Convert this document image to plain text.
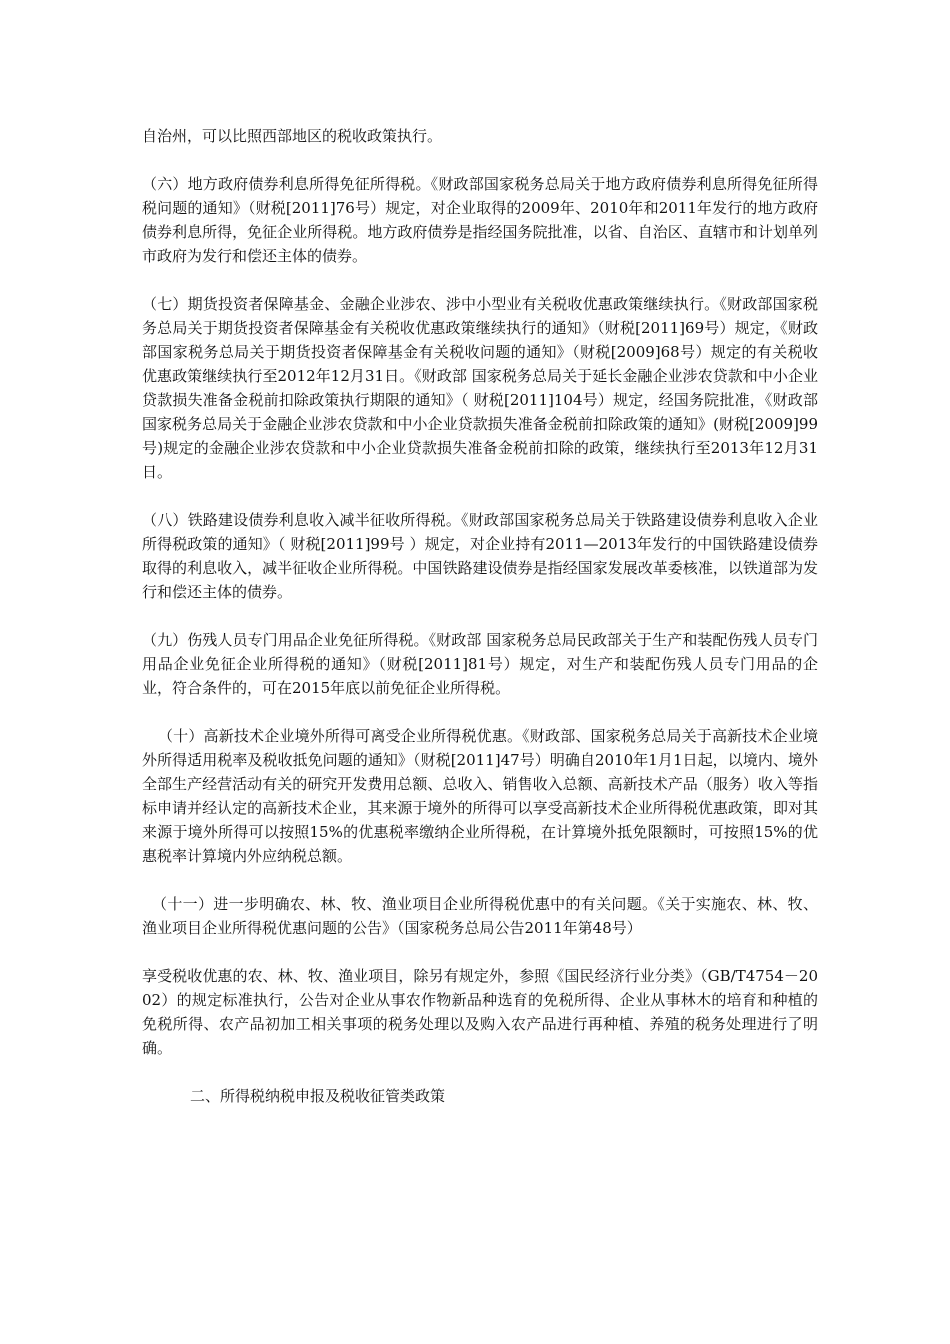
自治州，可以比照西部地区的税收政策执行。

（六）地方政府债券利息所得免征所得税。《财政部国家税务总局关于地方政府债券利息所得免征所得税问题的通知》（财税[2011]76号）规定，对企业取得的2009年、2010年和2011年发行的地方政府债券利息所得，免征企业所得税。地方政府债券是指经国务院批准，以省、自治区、直辖市和计划单列市政府为发行和偿还主体的债券。

（七）期货投资者保障基金、金融企业涉农、涉中小型业有关税收优惠政策继续执行。《财政部国家税务总局关于期货投资者保障基金有关税收优惠政策继续执行的通知》（财税[2011]69号）规定，《财政部国家税务总局关于期货投资者保障基金有关税收问题的通知》（财税[2009]68号）规定的有关税收优惠政策继续执行至2012年12月31日。《财政部 国家税务总局关于延长金融企业涉农贷款和中小企业贷款损失准备金税前扣除政策执行期限的通知》（ 财税[2011]104号）规定，经国务院批准，《财政部国家税务总局关于金融企业涉农贷款和中小企业贷款损失准备金税前扣除政策的通知》(财税[2009]99号)规定的金融企业涉农贷款和中小企业贷款损失准备金税前扣除的政策，继续执行至2013年12月31日。

（八）铁路建设债券利息收入减半征收所得税。《财政部国家税务总局关于铁路建设债券利息收入企业所得税政策的通知》（ 财税[2011]99号 ）规定，对企业持有2011—2013年发行的中国铁路建设债券取得的利息收入，减半征收企业所得税。中国铁路建设债券是指经国家发展改革委核准，以铁道部为发行和偿还主体的债券。

（九）伤残人员专门用品企业免征所得税。《财政部 国家税务总局民政部关于生产和装配伤残人员专门用品企业免征企业所得税的通知》（财税[2011]81号）规定，对生产和装配伤残人员专门用品的企业，符合条件的，可在2015年底以前免征企业所得税。

（十）高新技术企业境外所得可离受企业所得税优惠。《财政部、国家税务总局关于高新技术企业境外所得适用税率及税收抵免问题的通知》（财税[2011]47号）明确自2010年1月1日起，以境内、境外全部生产经营活动有关的研究开发费用总额、总收入、销售收入总额、高新技术产品（服务）收入等指标申请并经认定的高新技术企业，其来源于境外的所得可以享受高新技术企业所得税优惠政策，即对其来源于境外所得可以按照15%的优惠税率缴纳企业所得税，在计算境外抵免限额时，可按照15%的优惠税率计算境内外应纳税总额。

（十一）进一步明确农、林、牧、渔业项目企业所得税优惠中的有关问题。《关于实施农、林、牧、渔业项目企业所得税优惠问题的公告》（国家税务总局公告2011年第48号）

享受税收优惠的农、林、牧、渔业项目，除另有规定外，参照《国民经济行业分类》（GB/T4754－2002）的规定标准执行，公告对企业从事农作物新品种选育的免税所得、企业从事林木的培育和种植的免税所得、农产品初加工相关事项的税务处理以及购入农产品进行再种植、养殖的税务处理进行了明确。

二、所得税纳税申报及税收征管类政策
